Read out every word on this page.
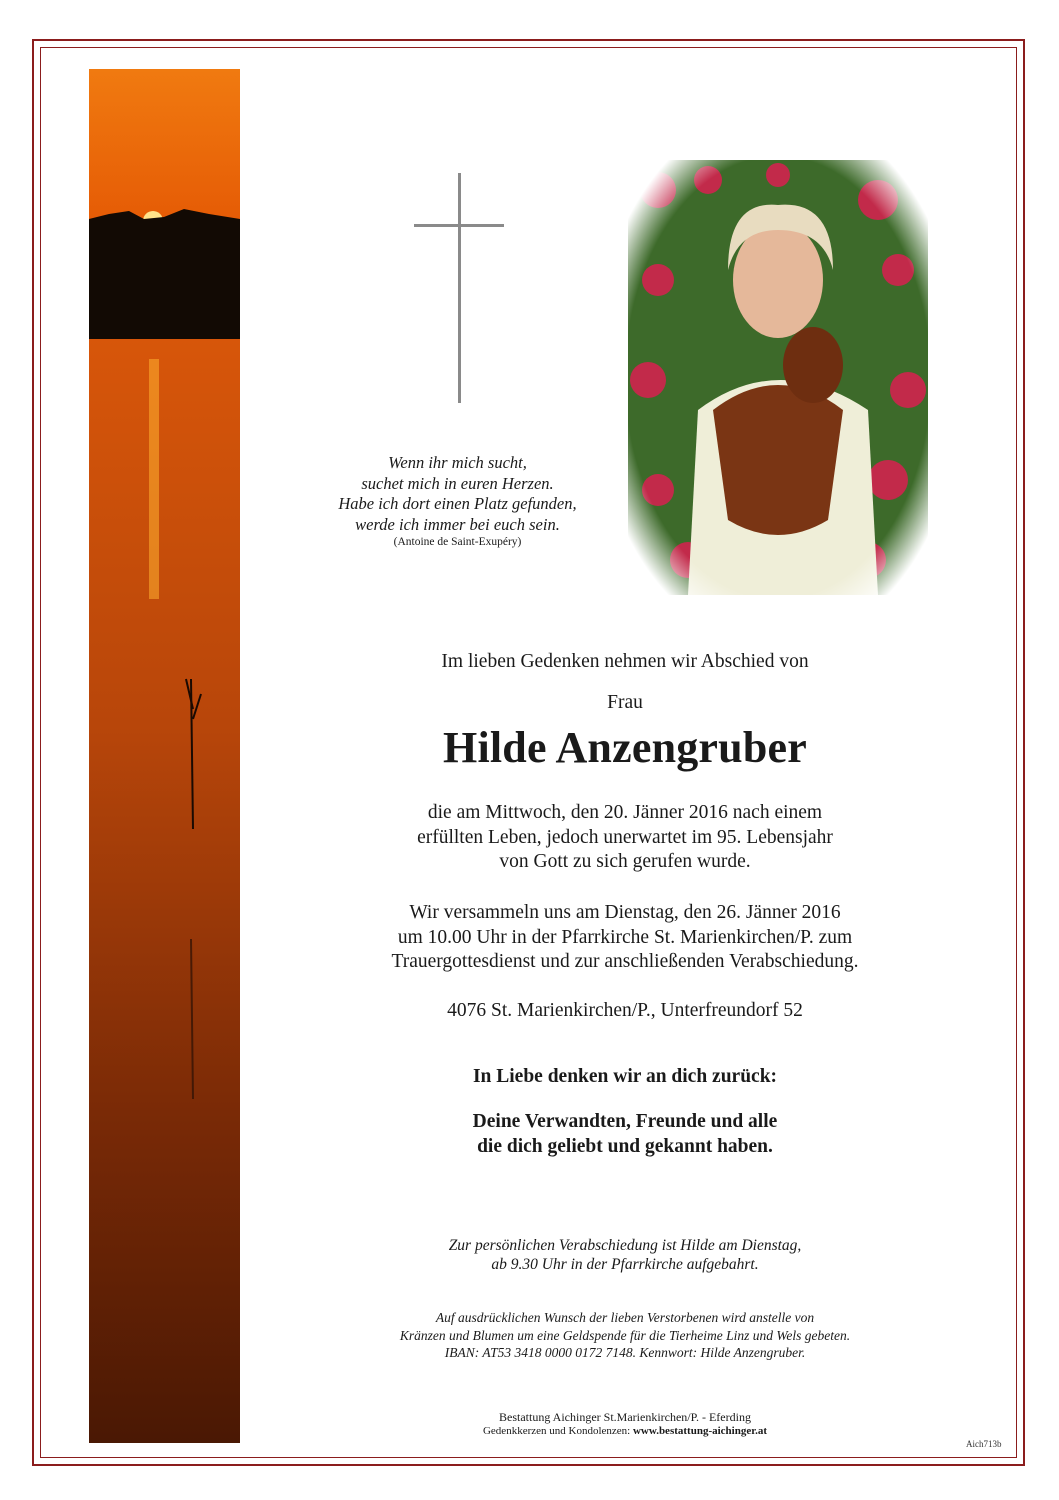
Wenn ihr mich sucht,
suchet mich in euren Herzen.
Habe ich dort einen Platz gefunden,
werde ich immer bei euch sein.
(Antoine de Saint-Exupéry)
Im lieben Gedenken nehmen wir Abschied von
Frau
Hilde Anzengruber
die am Mittwoch, den 20. Jänner 2016 nach einem
erfüllten Leben, jedoch unerwartet im 95. Lebensjahr
von Gott zu sich gerufen wurde.
Wir versammeln uns am Dienstag, den 26. Jänner 2016
um 10.00 Uhr in der Pfarrkirche St. Marienkirchen/P. zum
Trauergottesdienst und zur anschließenden Verabschiedung.
4076 St. Marienkirchen/P., Unterfreundorf 52
In Liebe denken wir an dich zurück:
Deine Verwandten, Freunde und alle
die dich geliebt und gekannt haben.
Zur persönlichen Verabschiedung ist Hilde am Dienstag,
ab 9.30 Uhr in der Pfarrkirche aufgebahrt.
Auf ausdrücklichen Wunsch der lieben Verstorbenen wird anstelle von
Kränzen und Blumen um eine Geldspende für die Tierheime Linz und Wels gebeten.
IBAN: AT53 3418 0000 0172 7148. Kennwort: Hilde Anzengruber.
Bestattung Aichinger St.Marienkirchen/P. - Eferding
Gedenkkerzen und Kondolenzen: www.bestattung-aichinger.at
Aich713b
